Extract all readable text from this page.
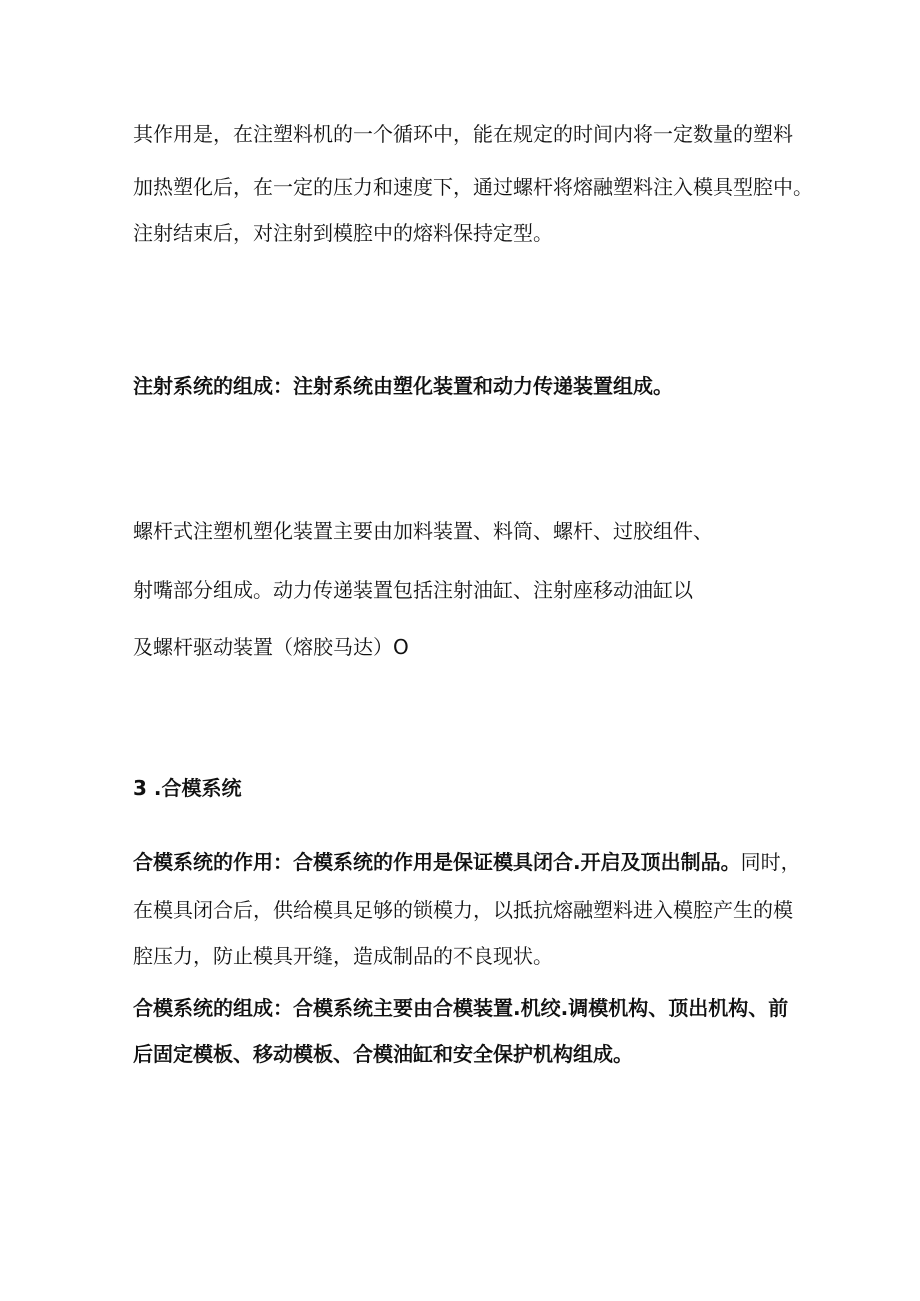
其作用是，在注塑料机的一个循环中，能在规定的时间内将一定数量的塑料

加热塑化后，在一定的压力和速度下，通过螺杆将熔融塑料注入模具型腔中。

注射结束后，对注射到模腔中的熔料保持定型。

注射系统的组成：注射系统由塑化装置和动力传递装置组成。

螺杆式注塑机塑化装置主要由加料装置、料筒、螺杆、过胶组件、

射嘴部分组成。动力传递装置包括注射油缸、注射座移动油缸以

及螺杆驱动装置（熔胶马达）O

3 .合模系统

合模系统的作用：合模系统的作用是保证模具闭合.开启及顶出制品。同时，

在模具闭合后，供给模具足够的锁模力，以抵抗熔融塑料进入模腔产生的模

腔压力，防止模具开缝，造成制品的不良现状。

合模系统的组成：合模系统主要由合模装置.机绞.调模机构、顶出机构、前

后固定模板、移动模板、合模油缸和安全保护机构组成。
